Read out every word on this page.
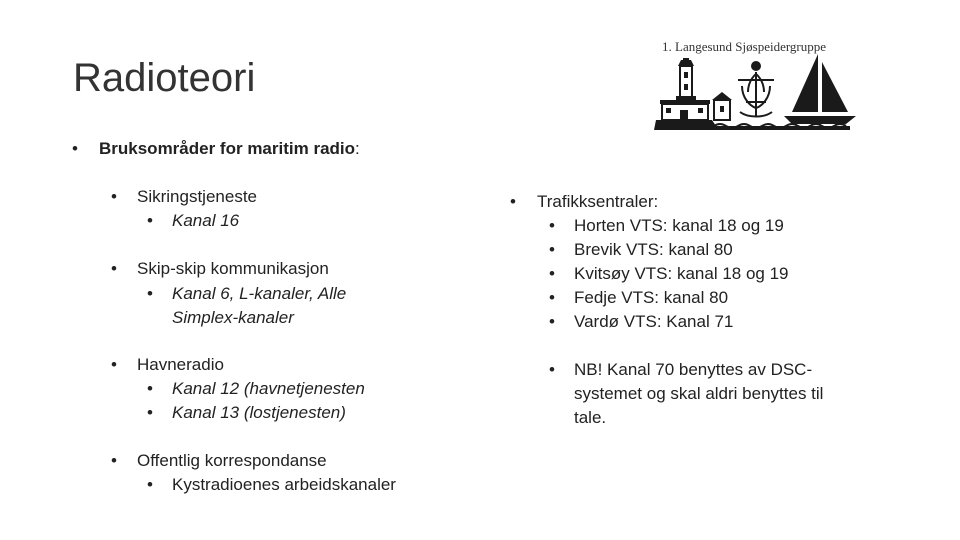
Radioteori
1. Langesund Sjøspeidergruppe
• Bruksområder for maritim radio:
• Sikringstjeneste
• Kanal 16
• Skip-skip kommunikasjon
• Kanal 6, L-kanaler, Alle
Simplex-kanaler
• Havneradio
• Kanal 12 (havnetjenesten
• Kanal 13 (lostjenesten)
• Offentlig korrespondanse
• Kystradioenes arbeidskanaler
• Trafikksentraler:
• Horten VTS: kanal 18 og 19
• Brevik VTS: kanal 80
• Kvitsøy VTS: kanal 18 og 19
• Fedje VTS: kanal 80
• Vardø VTS: Kanal 71
• NB! Kanal 70 benyttes av DSC-
systemet og skal aldri benyttes til
tale.
